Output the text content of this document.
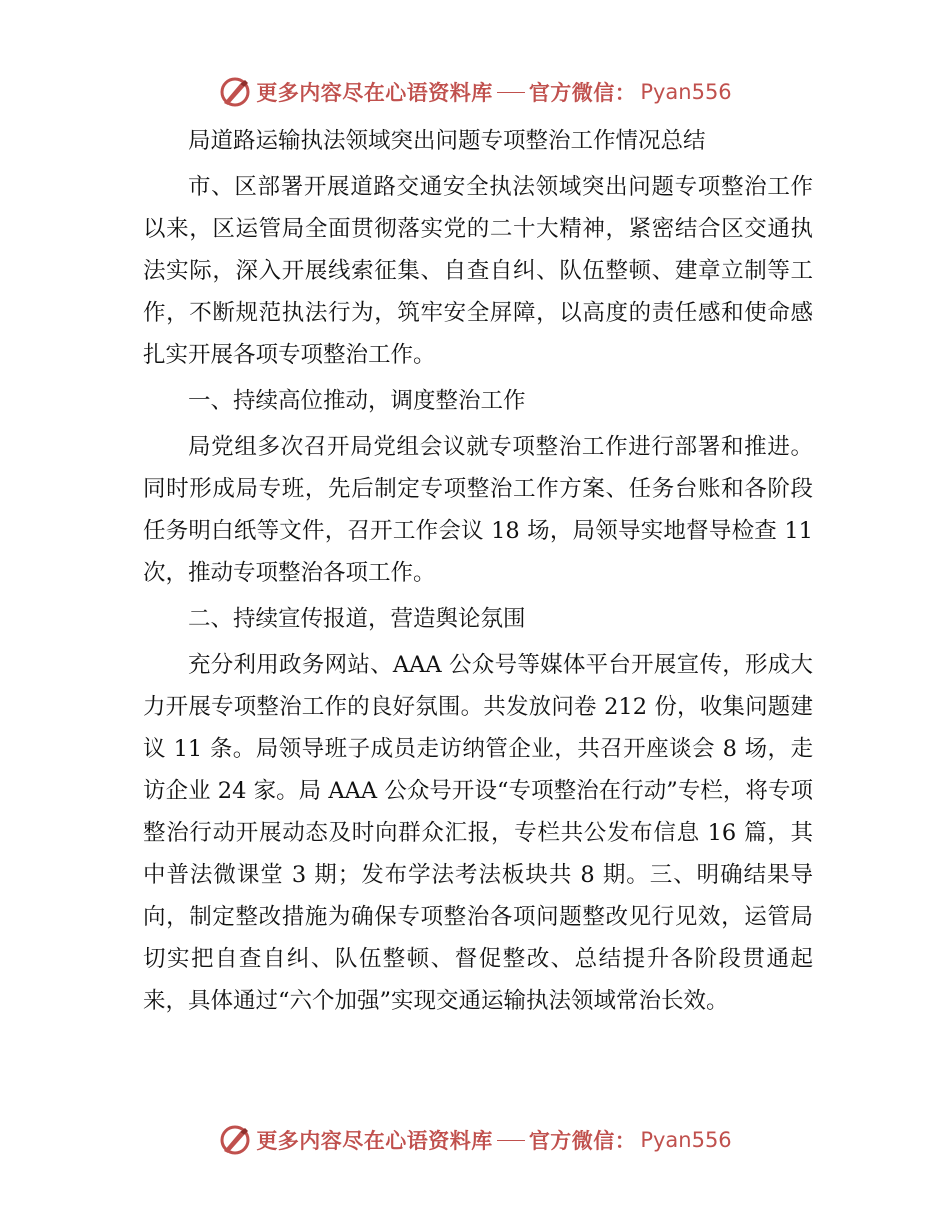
更多内容尽在心语资料库 官方微信： Pyan556

局道路运输执法领域突出问题专项整治工作情况总结

市、区部署开展道路交通安全执法领域突出问题专项整治工作以来，区运管局全面贯彻落实党的二十大精神，紧密结合区交通执法实际，深入开展线索征集、自查自纠、队伍整顿、建章立制等工作，不断规范执法行为，筑牢安全屏障，以高度的责任感和使命感扎实开展各项专项整治工作。

一、持续高位推动，调度整治工作

局党组多次召开局党组会议就专项整治工作进行部署和推进。同时形成局专班，先后制定专项整治工作方案、任务台账和各阶段任务明白纸等文件，召开工作会议 18 场，局领导实地督导检查 11 次，推动专项整治各项工作。

二、持续宣传报道，营造舆论氛围

充分利用政务网站、AAA 公众号等媒体平台开展宣传，形成大力开展专项整治工作的良好氛围。共发放问卷 212 份，收集问题建议 11 条。局领导班子成员走访纳管企业，共召开座谈会 8 场，走访企业 24 家。局 AAA 公众号开设“专项整治在行动”专栏，将专项整治行动开展动态及时向群众汇报，专栏共公发布信息 16 篇，其中普法微课堂 3 期；发布学法考法板块共 8 期。三、明确结果导向，制定整改措施为确保专项整治各项问题整改见行见效，运管局切实把自查自纠、队伍整顿、督促整改、总结提升各阶段贯通起来，具体通过“六个加强”实现交通运输执法领域常治长效。

更多内容尽在心语资料库 官方微信： Pyan556
